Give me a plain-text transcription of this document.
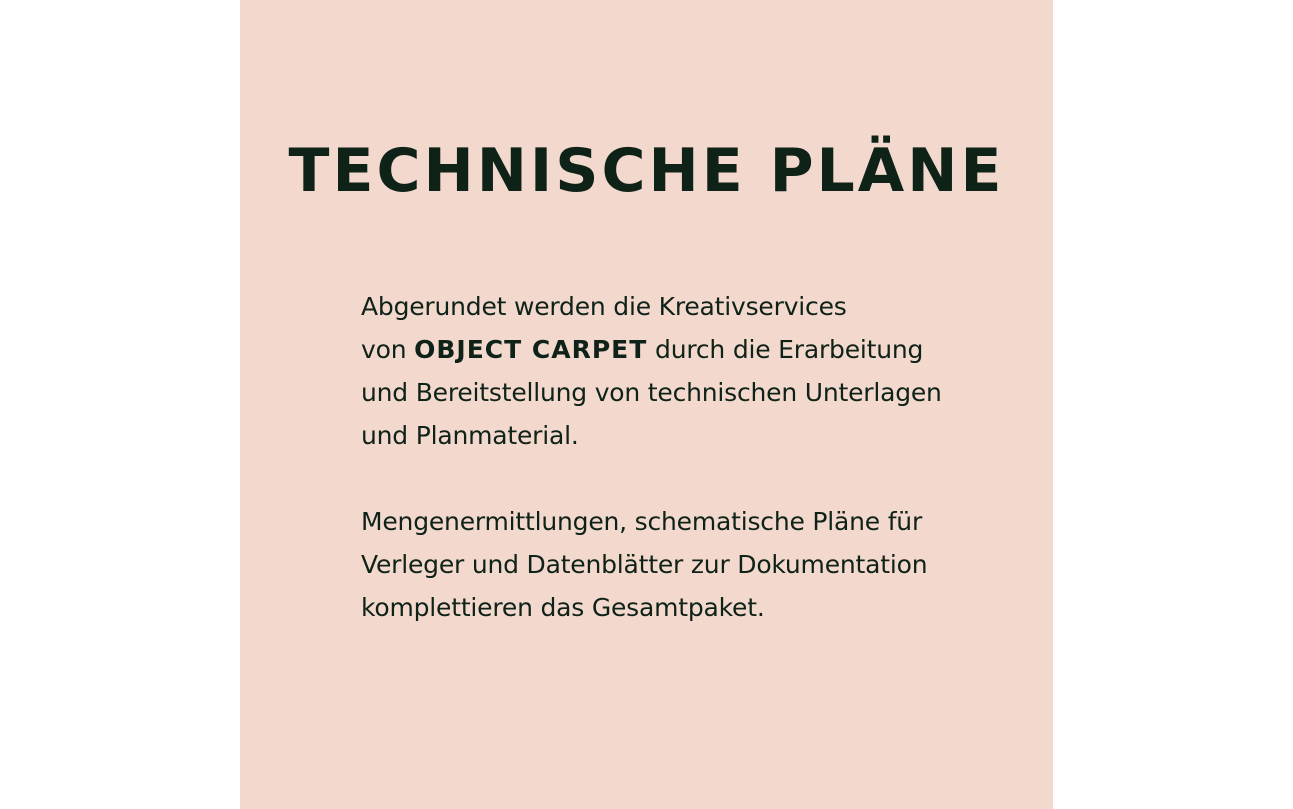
TECHNISCHE PLÄNE

Abgerundet werden die Kreativservices
von OBJECT CARPET durch die Erarbeitung
und Bereitstellung von technischen Unterlagen
und Planmaterial.

Mengenermittlungen, schematische Pläne für
Verleger und Datenblätter zur Dokumentation
komplettieren das Gesamtpaket.
